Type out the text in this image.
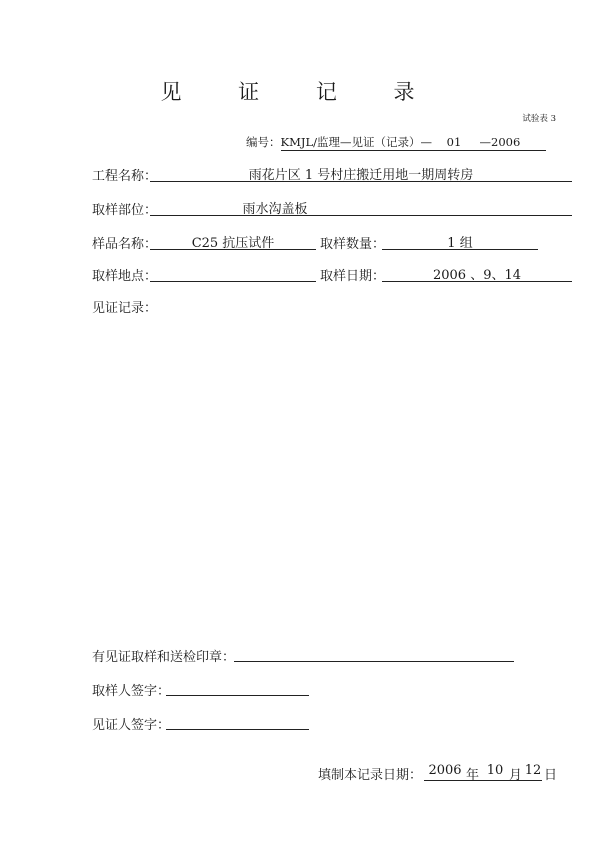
见 证 记 录
试验表 3
编号：KMJL/监理—见证（记录）— 01 —2006
工程名称：	雨花片区 1 号村庄搬迁用地一期周转房
取样部位：	雨水沟盖板
样品名称：	C25 抗压试件	取样数量：	1 组
取样地点：	取样日期：	2006 、9、14
见证记录：
有见证取样和送检印章：
取样人签字：
见证人签字：
填制本记录日期： 2006 年 10 月 12 日
